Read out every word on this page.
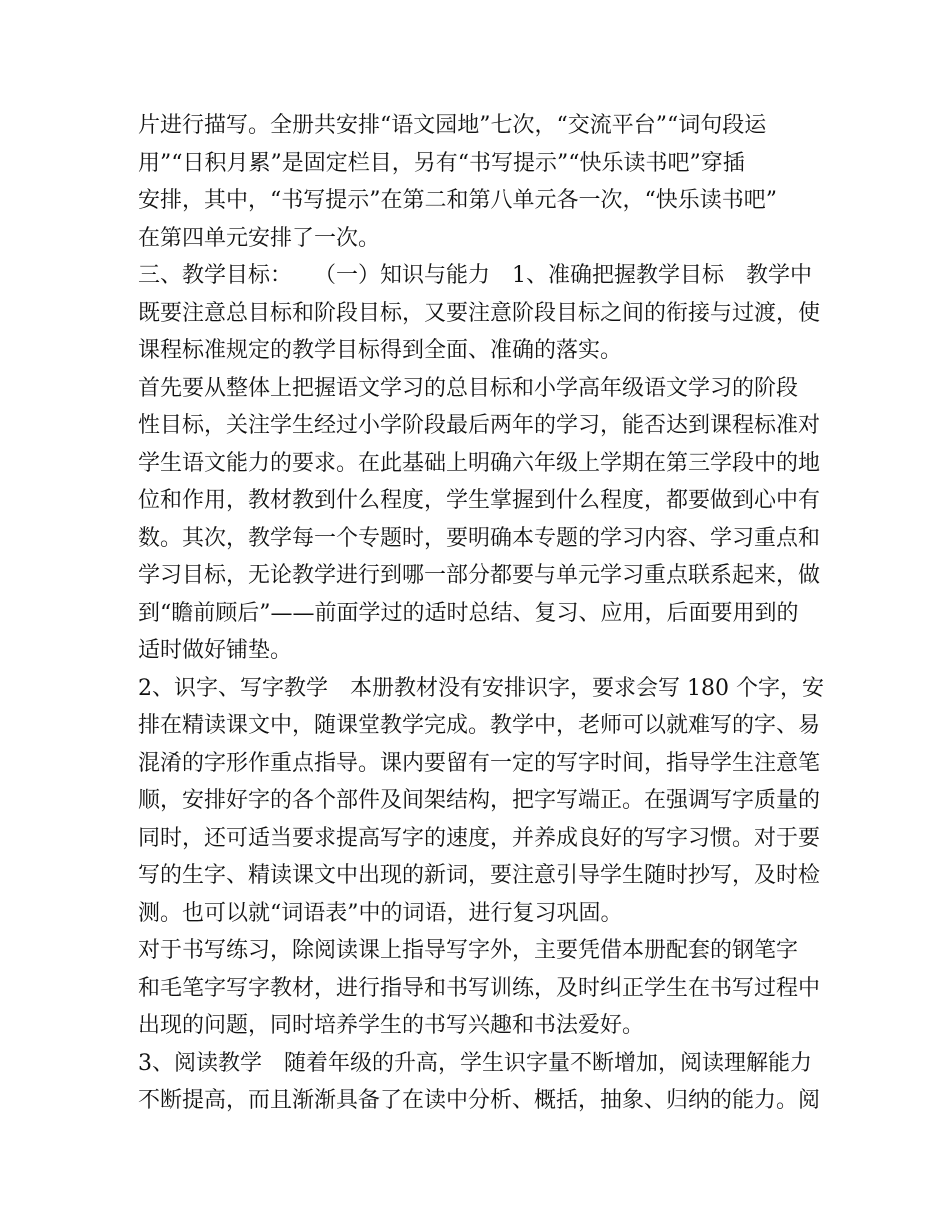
片进行描写。全册共安排“语文园地”七次，“交流平台”“词句段运
用”“日积月累”是固定栏目，另有“书写提示”“快乐读书吧”穿插
安排，其中，“书写提示”在第二和第八单元各一次，“快乐读书吧”
在第四单元安排了一次。
三、教学目标：　　（一）知识与能力　1、准确把握教学目标　教学中
既要注意总目标和阶段目标，又要注意阶段目标之间的衔接与过渡，使
课程标准规定的教学目标得到全面、准确的落实。
首先要从整体上把握语文学习的总目标和小学高年级语文学习的阶段
性目标，关注学生经过小学阶段最后两年的学习，能否达到课程标准对
学生语文能力的要求。在此基础上明确六年级上学期在第三学段中的地
位和作用，教材教到什么程度，学生掌握到什么程度，都要做到心中有
数。其次，教学每一个专题时，要明确本专题的学习内容、学习重点和
学习目标，无论教学进行到哪一部分都要与单元学习重点联系起来，做
到“瞻前顾后”——前面学过的适时总结、复习、应用，后面要用到的
适时做好铺垫。
2、识字、写字教学　本册教材没有安排识字，要求会写 180 个字，安
排在精读课文中，随课堂教学完成。教学中，老师可以就难写的字、易
混淆的字形作重点指导。课内要留有一定的写字时间，指导学生注意笔
顺，安排好字的各个部件及间架结构，把字写端正。在强调写字质量的
同时，还可适当要求提高写字的速度，并养成良好的写字习惯。对于要
写的生字、精读课文中出现的新词，要注意引导学生随时抄写，及时检
测。也可以就“词语表”中的词语，进行复习巩固。
对于书写练习，除阅读课上指导写字外，主要凭借本册配套的钢笔字
和毛笔字写字教材，进行指导和书写训练，及时纠正学生在书写过程中
出现的问题，同时培养学生的书写兴趣和书法爱好。
3、阅读教学　随着年级的升高，学生识字量不断增加，阅读理解能力
不断提高，而且渐渐具备了在读中分析、概括，抽象、归纳的能力。阅
